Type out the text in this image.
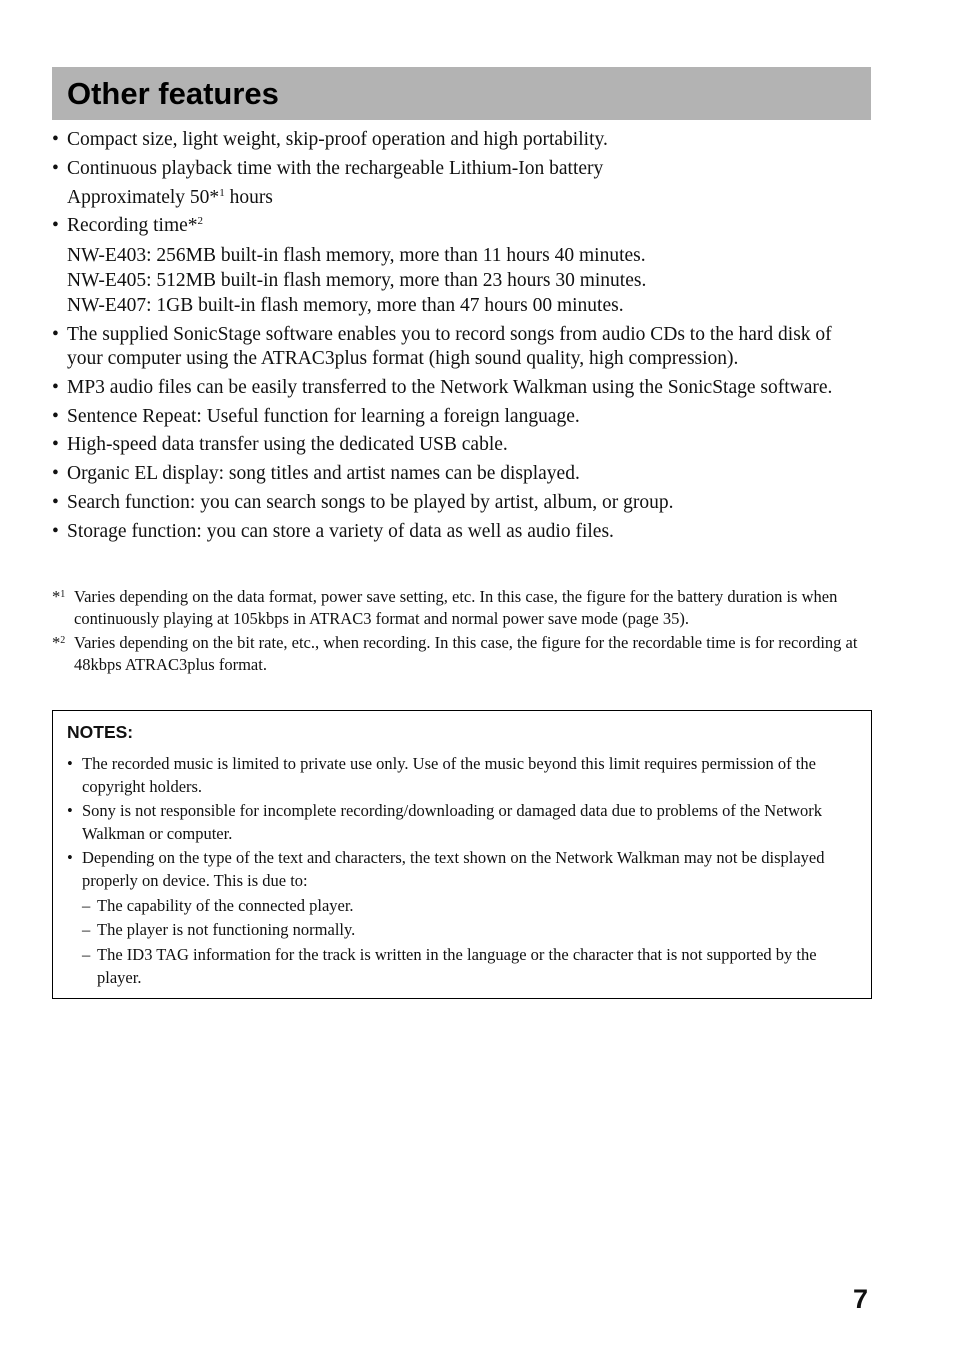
Other features
• Compact size, light weight, skip-proof operation and high portability.
• Continuous playback time with the rechargeable Lithium-Ion battery
Approximately 50*$^1$ hours
• Recording time*$^2$
NW-E403: 256MB built-in flash memory, more than 11 hours 40 minutes.
NW-E405: 512MB built-in flash memory, more than 23 hours 30 minutes.
NW-E407: 1GB built-in flash memory, more than 47 hours 00 minutes.
• The supplied SonicStage software enables you to record songs from audio CDs to the hard disk of your computer using the ATRAC3plus format (high sound quality, high compression).
• MP3 audio files can be easily transferred to the Network Walkman using the SonicStage software.
• Sentence Repeat: Useful function for learning a foreign language.
• High-speed data transfer using the dedicated USB cable.
• Organic EL display: song titles and artist names can be displayed.
• Search function: you can search songs to be played by artist, album, or group.
• Storage function: you can store a variety of data as well as audio files.
*$^1$ Varies depending on the data format, power save setting, etc. In this case, the figure for the battery duration is when continuously playing at 105kbps in ATRAC3 format and normal power save mode (page 35).
*$^2$ Varies depending on the bit rate, etc., when recording. In this case, the figure for the recordable time is for recording at 48kbps ATRAC3plus format.
NOTES:
• The recorded music is limited to private use only. Use of the music beyond this limit requires permission of the copyright holders.
• Sony is not responsible for incomplete recording/downloading or damaged data due to problems of the Network Walkman or computer.
• Depending on the type of the text and characters, the text shown on the Network Walkman may not be displayed properly on device. This is due to:
– The capability of the connected player.
– The player is not functioning normally.
– The ID3 TAG information for the track is written in the language or the character that is not supported by the player.
7
